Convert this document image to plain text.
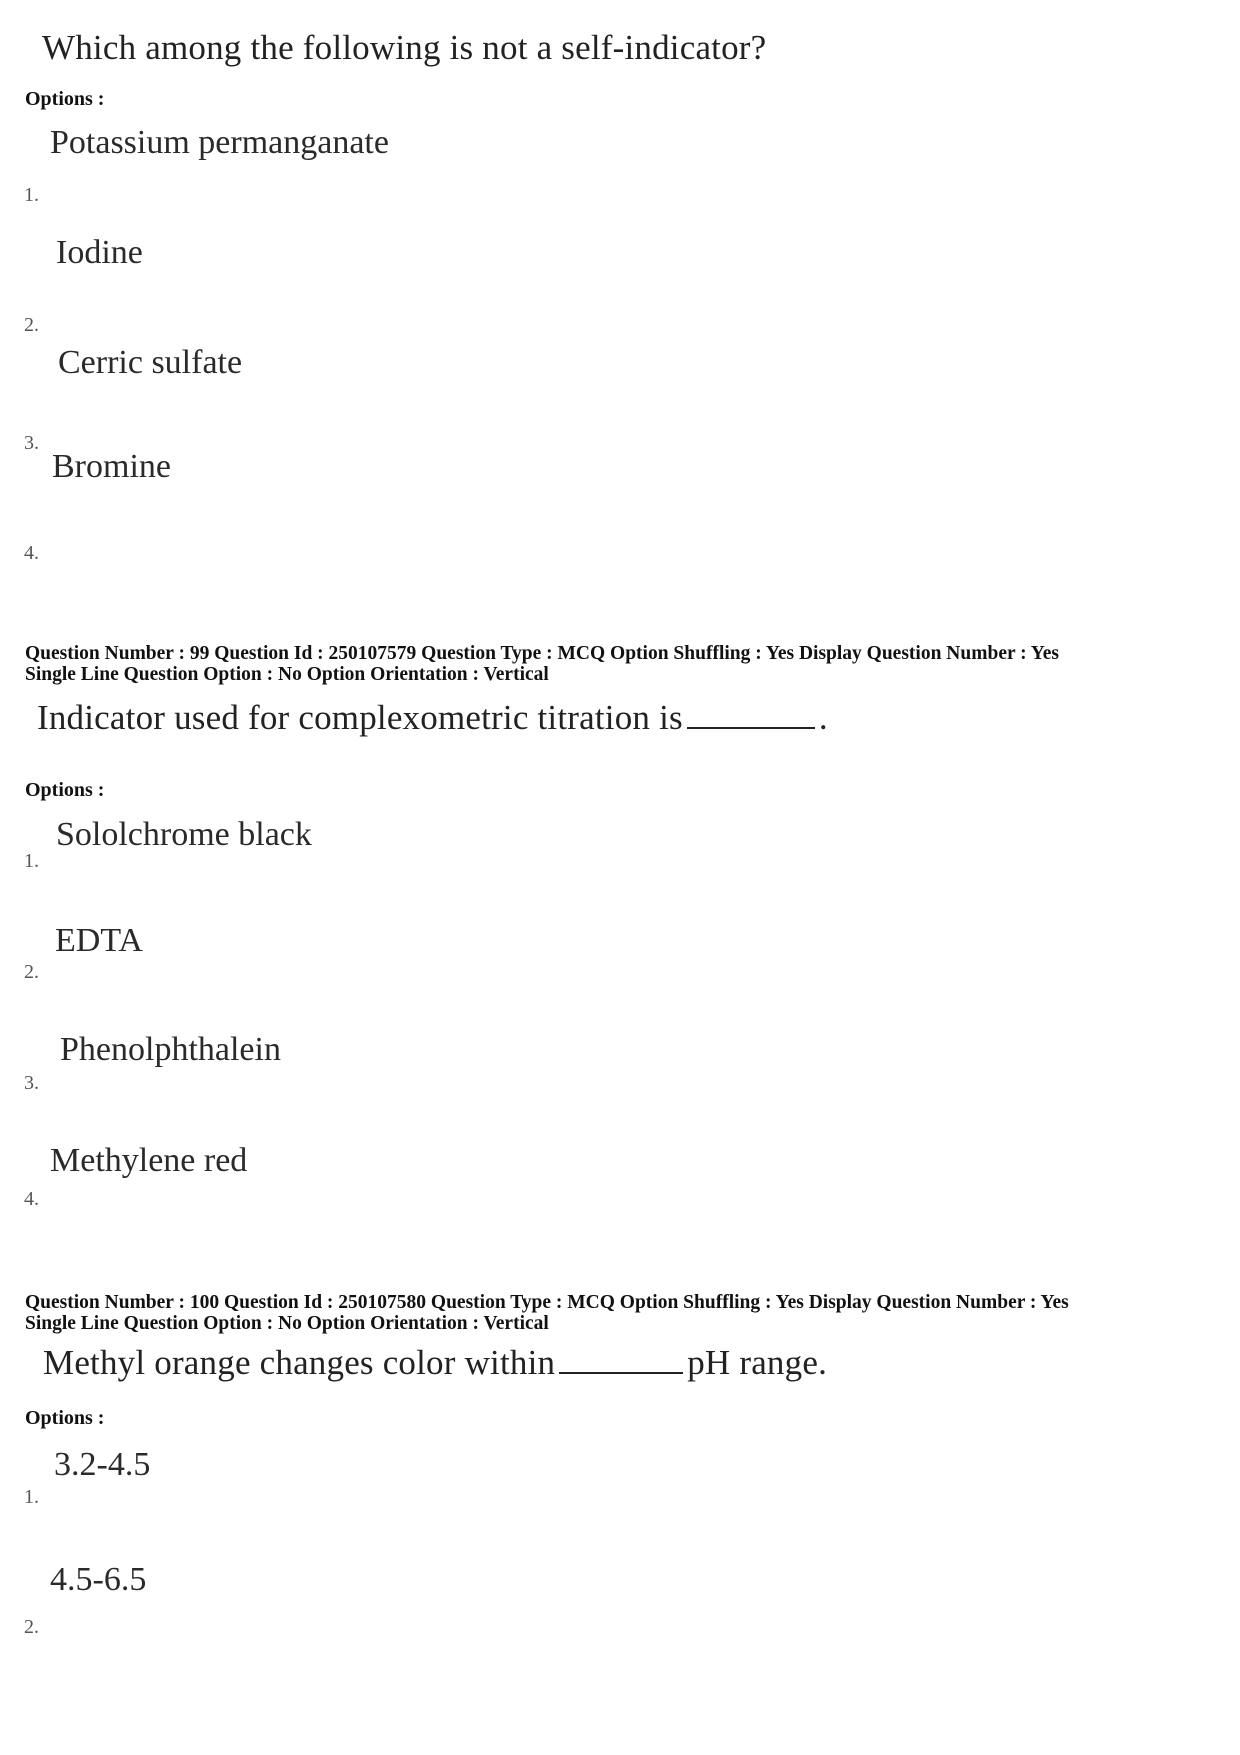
Which among the following is not a self-indicator?
Options :
Potassium permanganate
1.
Iodine
2.
Cerric sulfate
3.
Bromine
4.
Question Number : 99 Question Id : 250107579 Question Type : MCQ Option Shuffling : Yes Display Question Number : Yes
Single Line Question Option : No Option Orientation : Vertical
Indicator used for complexometric titration is	.
Options :
Sololchrome black
1.
EDTA
2.
Phenolphthalein
3.
Methylene red
4.
Question Number : 100 Question Id : 250107580 Question Type : MCQ Option Shuffling : Yes Display Question Number : Yes
Single Line Question Option : No Option Orientation : Vertical
Methyl orange changes color within	pH range.
Options :
3.2-4.5
1.
4.5-6.5
2.
